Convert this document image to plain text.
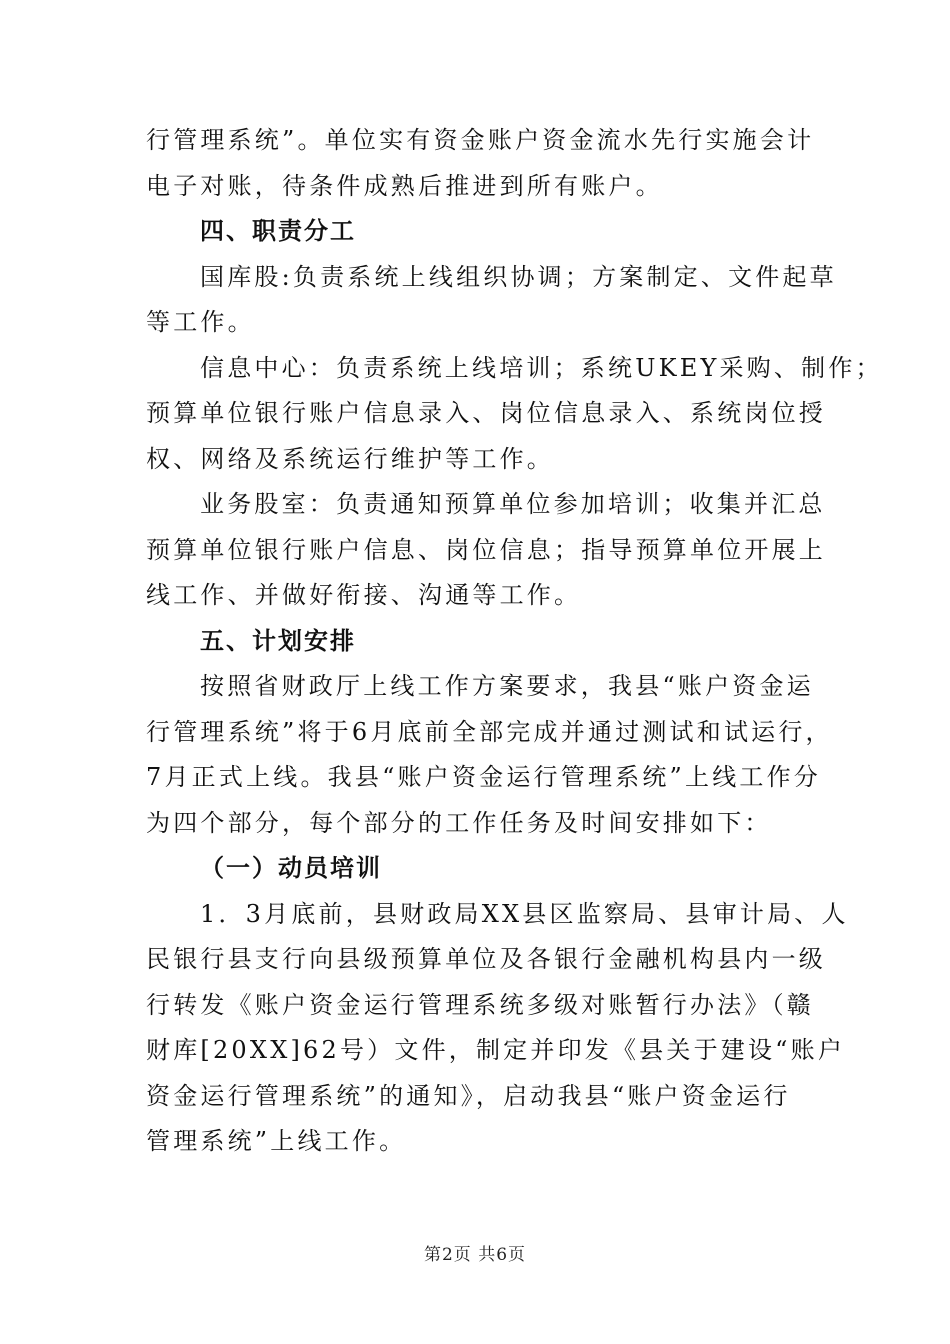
行管理系统”。单位实有资金账户资金流水先行实施会计
电子对账，待条件成熟后推进到所有账户。
四、职责分工
国库股:负责系统上线组织协调；方案制定、文件起草
等工作。
信息中心：负责系统上线培训；系统UKEY采购、制作；
预算单位银行账户信息录入、岗位信息录入、系统岗位授
权、网络及系统运行维护等工作。
业务股室：负责通知预算单位参加培训；收集并汇总
预算单位银行账户信息、岗位信息；指导预算单位开展上
线工作、并做好衔接、沟通等工作。
五、计划安排
按照省财政厅上线工作方案要求，我县“账户资金运
行管理系统”将于6月底前全部完成并通过测试和试运行，
7月正式上线。我县“账户资金运行管理系统”上线工作分
为四个部分，每个部分的工作任务及时间安排如下：
（一）动员培训
1．3月底前，县财政局XX县区监察局、县审计局、人
民银行县支行向县级预算单位及各银行金融机构县内一级
行转发《账户资金运行管理系统多级对账暂行办法》（赣
财库[20XX]62号）文件，制定并印发《县关于建设“账户
资金运行管理系统”的通知》，启动我县“账户资金运行
管理系统”上线工作。
第2页 共6页
